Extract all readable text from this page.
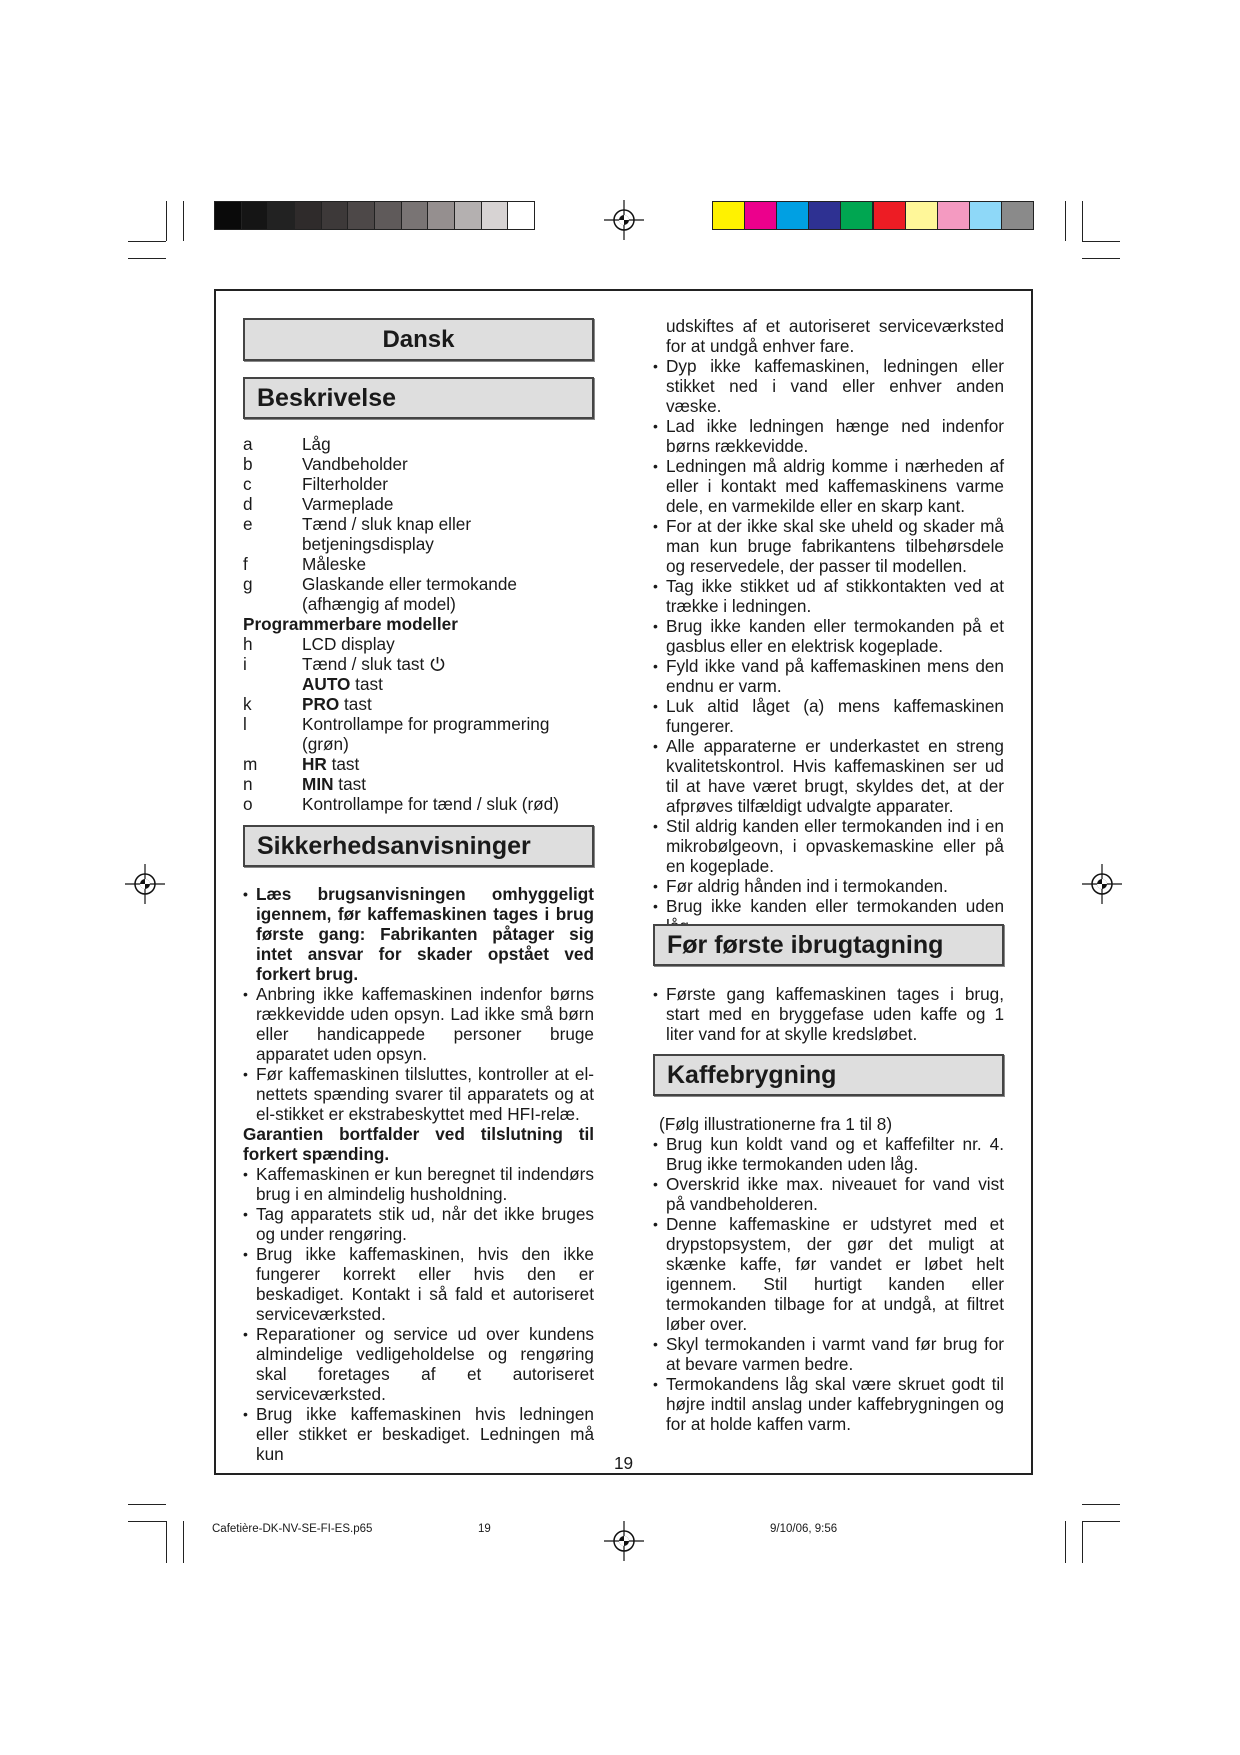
Dansk
Beskrivelse
a	Låg
b	Vandbeholder
c	Filterholder
d	Varmeplade
e	Tænd / sluk knap eller
betjeningsdisplay
f	Måleske
g	Glaskande eller termokande
(afhængig af model)
Programmerbare modeller
h	LCD display
i	Tænd / sluk tast
AUTO tast
k	PRO tast
l	Kontrollampe for programmering
(grøn)
m	HR tast
n	MIN tast
o	Kontrollampe for tænd / sluk (rød)
Sikkerhedsanvisninger
• Læs brugsanvisningen omhyggeligt igennem, før kaffemaskinen tages i brug første gang: Fabrikanten påtager sig intet ansvar for skader opstået ved forkert brug.
• Anbring ikke kaffemaskinen indenfor børns rækkevidde uden opsyn. Lad ikke små børn eller handicappede personer bruge apparatet uden opsyn.
• Før kaffemaskinen tilsluttes, kontroller at el-nettets spænding svarer til apparatets og at el-stikket er ekstrabeskyttet med HFI-relæ.
Garantien bortfalder ved tilslutning til forkert spænding.
• Kaffemaskinen er kun beregnet til indendørs brug i en almindelig husholdning.
• Tag apparatets stik ud, når det ikke bruges og under rengøring.
• Brug ikke kaffemaskinen, hvis den ikke fungerer korrekt eller hvis den er beskadiget. Kontakt i så fald et autoriseret serviceværksted.
• Reparationer og service ud over kundens almindelige vedligeholdelse og rengøring skal foretages af et autoriseret serviceværksted.
• Brug ikke kaffemaskinen hvis ledningen eller stikket er beskadiget. Ledningen må kun
udskiftes af et autoriseret serviceværksted for at undgå enhver fare.
• Dyp ikke kaffemaskinen, ledningen eller stikket ned i vand eller enhver anden væske.
• Lad ikke ledningen hænge ned indenfor børns rækkevidde.
• Ledningen må aldrig komme i nærheden af eller i kontakt med kaffemaskinens varme dele, en varmekilde eller en skarp kant.
• For at der ikke skal ske uheld og skader må man kun bruge fabrikantens tilbehørsdele og reservedele, der passer til modellen.
• Tag ikke stikket ud af stikkontakten ved at trække i ledningen.
• Brug ikke kanden eller termokanden på et gasblus eller en elektrisk kogeplade.
• Fyld ikke vand på kaffemaskinen mens den endnu er varm.
• Luk altid låget (a) mens kaffemaskinen fungerer.
• Alle apparaterne er underkastet en streng kvalitetskontrol. Hvis kaffemaskinen ser ud til at have været brugt, skyldes det, at der afprøves tilfældigt udvalgte apparater.
• Stil aldrig kanden eller termokanden ind i en mikrobølgeovn, i opvaskemaskine eller på en kogeplade.
• Før aldrig hånden ind i termokanden.
• Brug ikke kanden eller termokanden uden
Før første ibrugtagning
• Første gang kaffemaskinen tages i brug, start med en bryggefase uden kaffe og 1 liter vand for at skylle kredsløbet.
Kaffebrygning
(Følg illustrationerne fra 1 til 8)
• Brug kun koldt vand og et kaffefilter nr. 4. Brug ikke termokanden uden låg.
• Overskrid ikke max. niveauet for vand vist på vandbeholderen.
• Denne kaffemaskine er udstyret med et drypstopsystem, der gør det muligt at skænke kaffe, før vandet er løbet helt igennem. Stil hurtigt kanden eller termokanden tilbage for at undgå, at filtret løber over.
• Skyl termokanden i varmt vand før brug for at bevare varmen bedre.
• Termokandens låg skal være skruet godt til højre indtil anslag under kaffebrygningen og for at holde kaffen varm.
19
Cafetière-DK-NV-SE-FI-ES.p65	19	9/10/06, 9:56
